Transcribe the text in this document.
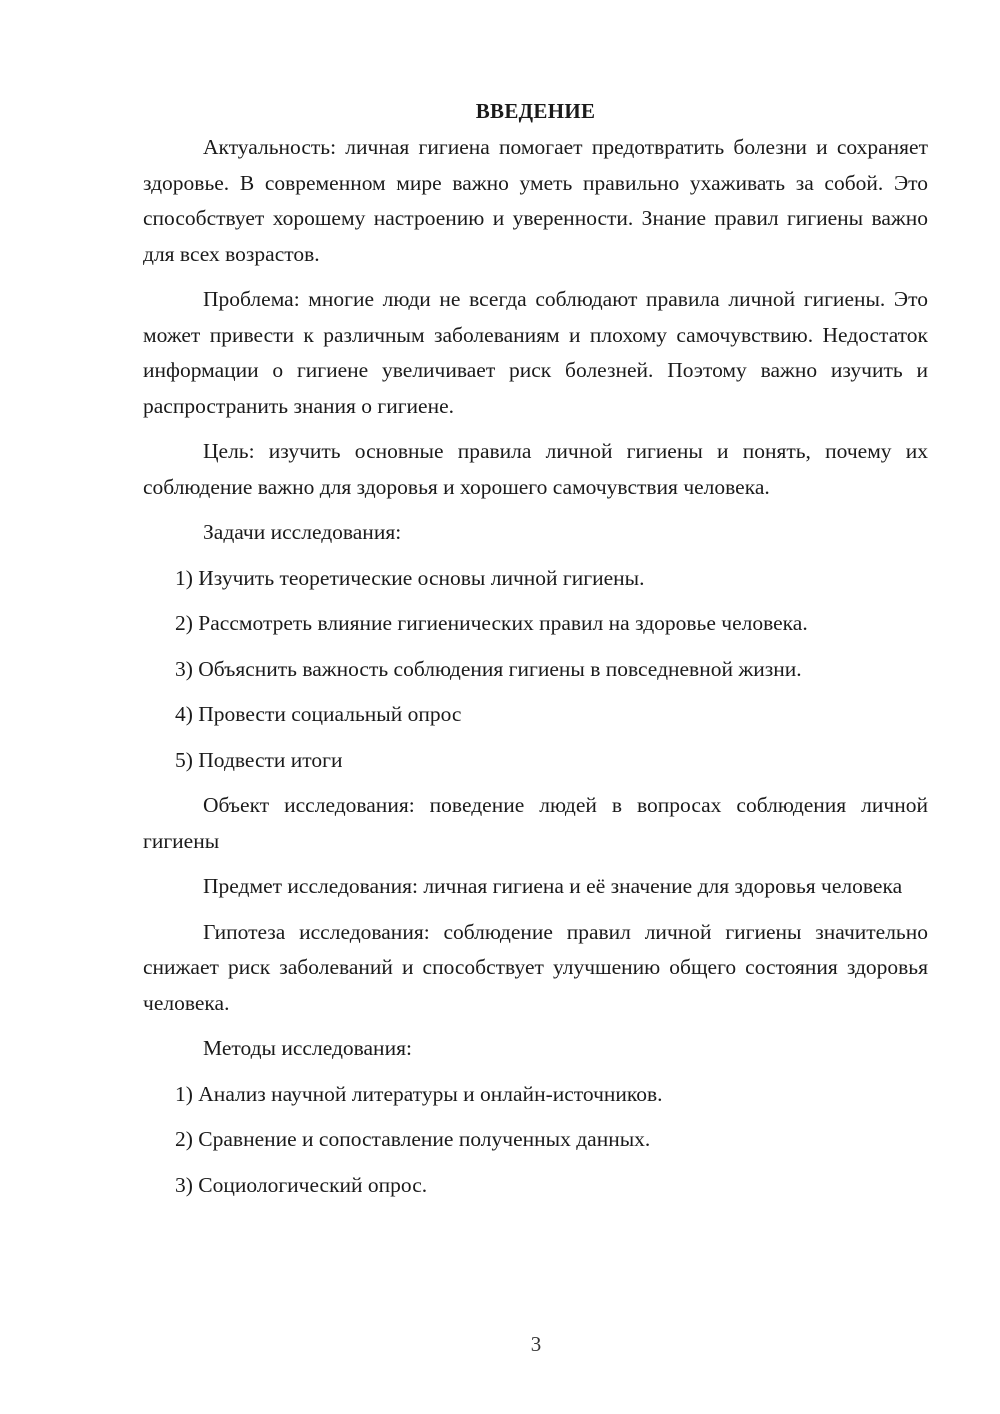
ВВЕДЕНИЕ

Актуальность: личная гигиена помогает предотвратить болезни и сохраняет здоровье. В современном мире важно уметь правильно ухаживать за собой. Это способствует хорошему настроению и уверенности. Знание правил гигиены важно для всех возрастов.

Проблема: многие люди не всегда соблюдают правила личной гигиены. Это может привести к различным заболеваниям и плохому самочувствию. Недостаток информации о гигиене увеличивает риск болезней. Поэтому важно изучить и распространить знания о гигиене.

Цель: изучить основные правила личной гигиены и понять, почему их соблюдение важно для здоровья и хорошего самочувствия человека.

Задачи исследования:

1) Изучить теоретические основы личной гигиены.

2) Рассмотреть влияние гигиенических правил на здоровье человека.

3) Объяснить важность соблюдения гигиены в повседневной жизни.

4) Провести социальный опрос

5) Подвести итоги

Объект исследования: поведение людей в вопросах соблюдения личной гигиены

Предмет исследования: личная гигиена и её значение для здоровья человека

Гипотеза исследования: соблюдение правил личной гигиены значительно снижает риск заболеваний и способствует улучшению общего состояния здоровья человека.

Методы исследования:

1) Анализ научной литературы и онлайн-источников.

2) Сравнение и сопоставление полученных данных.

3) Социологический опрос.

3
